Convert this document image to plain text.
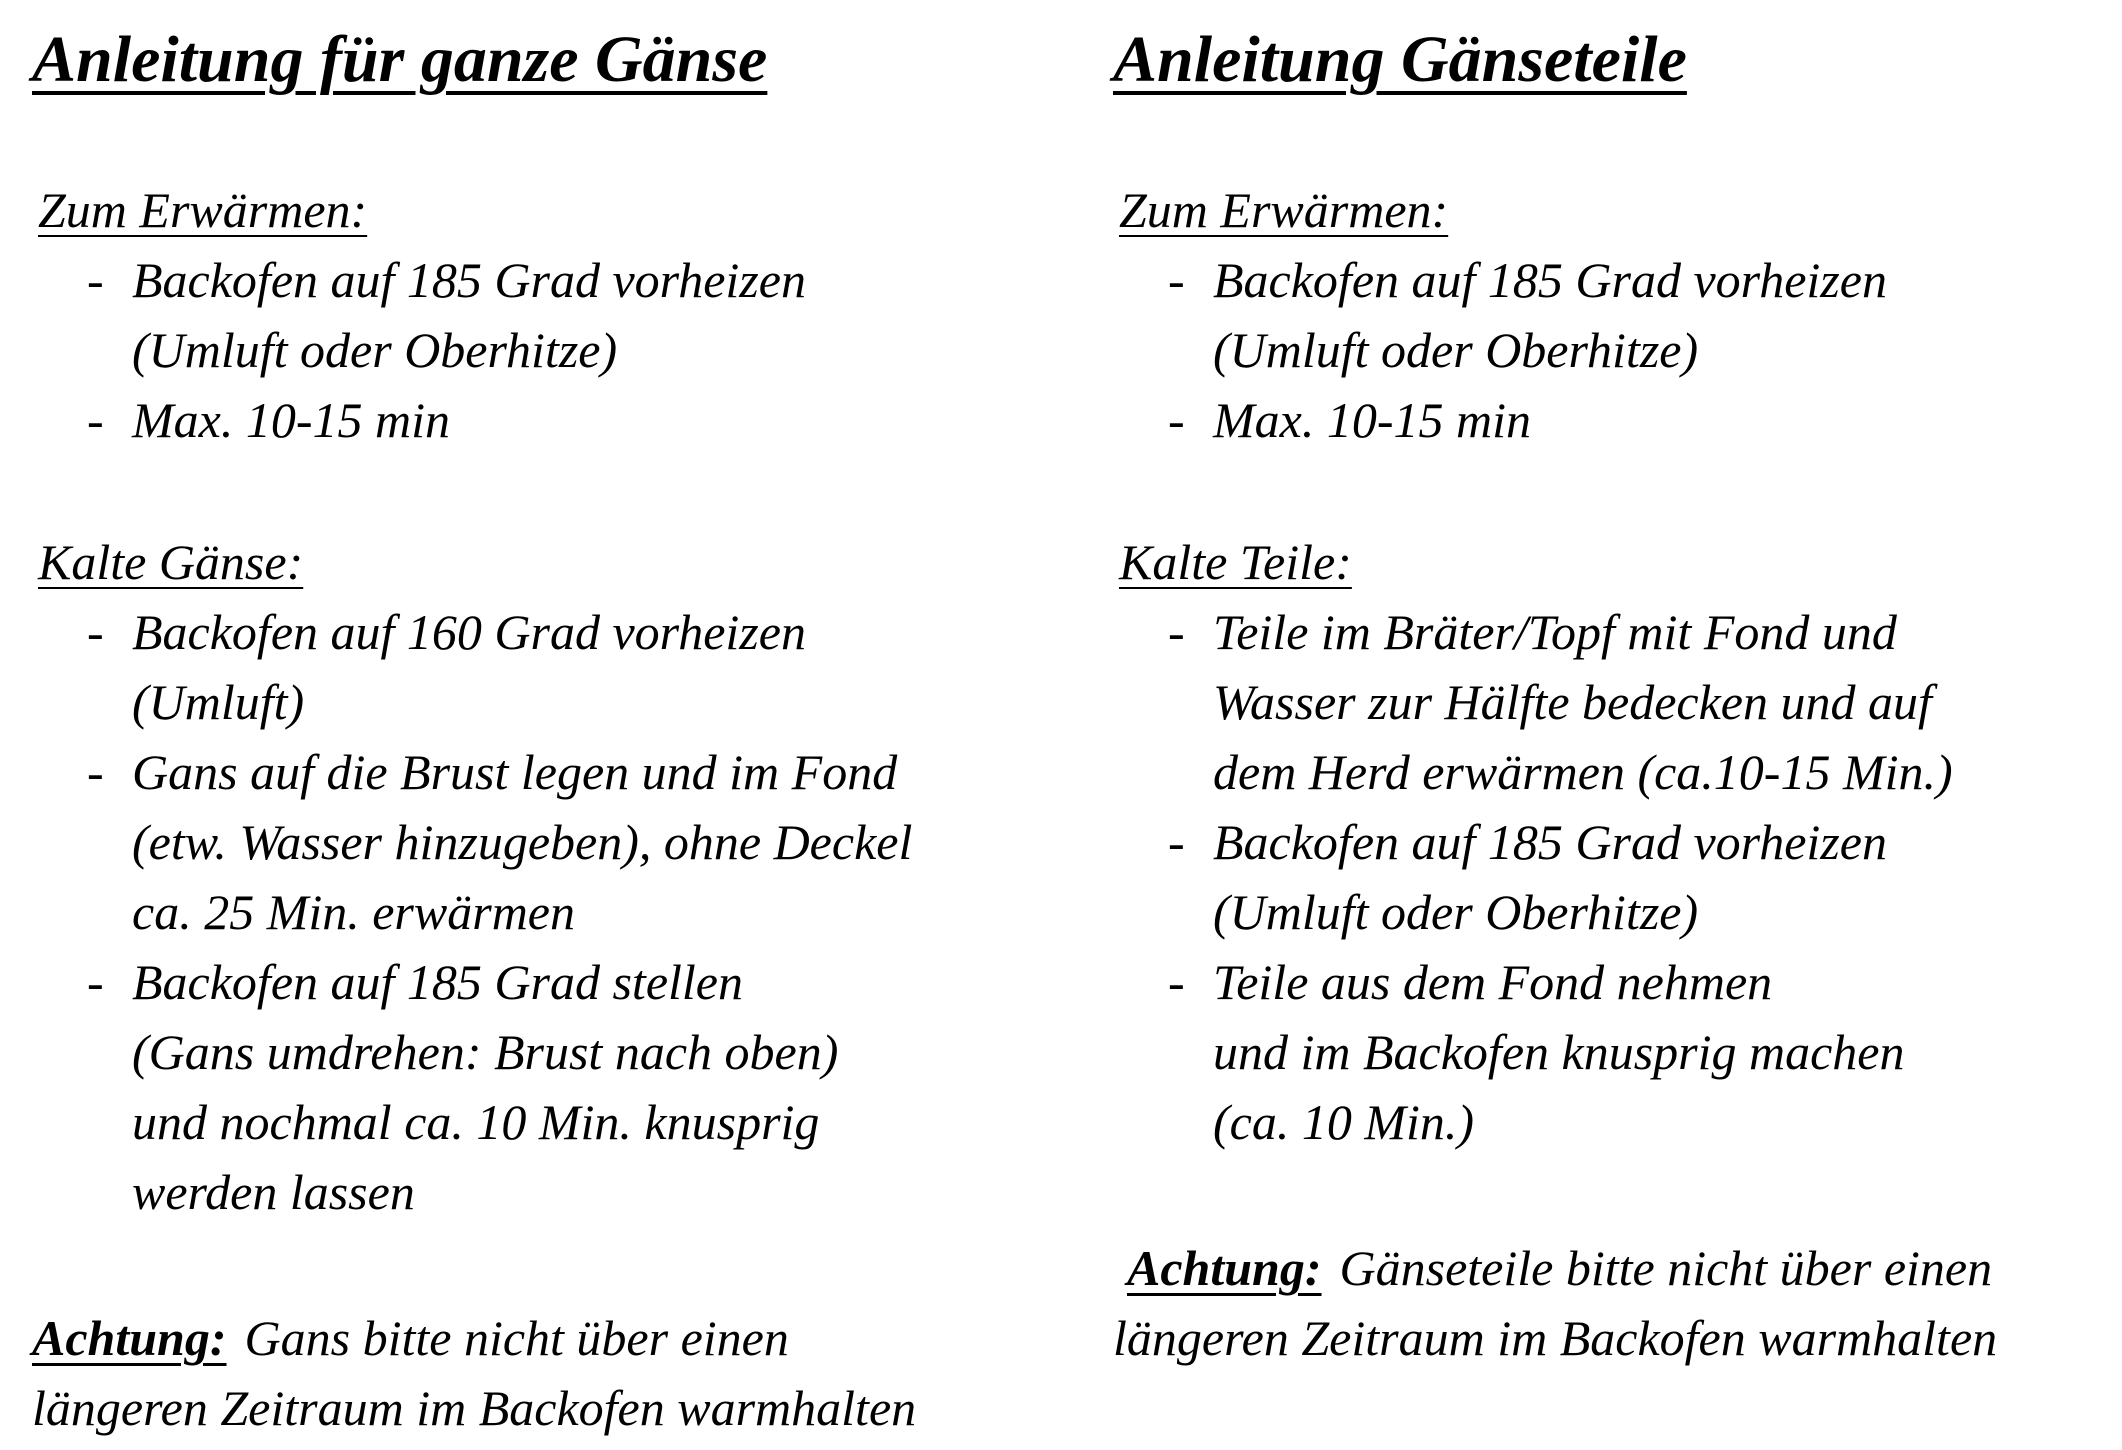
Anleitung für ganze Gänse
Zum Erwärmen:
- Backofen auf 185 Grad vorheizen
(Umluft oder Oberhitze)
- Max. 10-15 min
Kalte Gänse:
- Backofen auf 160 Grad vorheizen
(Umluft)
- Gans auf die Brust legen und im Fond
(etw. Wasser hinzugeben), ohne Deckel
ca. 25 Min. erwärmen
- Backofen auf 185 Grad stellen
(Gans umdrehen: Brust nach oben)
und nochmal ca. 10 Min. knusprig
werden lassen

Achtung: Gans bitte nicht über einen
längeren Zeitraum im Backofen warmhalten

Anleitung Gänseteile
Zum Erwärmen:
- Backofen auf 185 Grad vorheizen
(Umluft oder Oberhitze)
- Max. 10-15 min
Kalte Teile:
- Teile im Bräter/Topf mit Fond und
Wasser zur Hälfte bedecken und auf
dem Herd erwärmen (ca.10-15 Min.)
- Backofen auf 185 Grad vorheizen
(Umluft oder Oberhitze)
- Teile aus dem Fond nehmen
und im Backofen knusprig machen
(ca. 10 Min.)

Achtung: Gänseteile bitte nicht über einen
längeren Zeitraum im Backofen warmhalten
